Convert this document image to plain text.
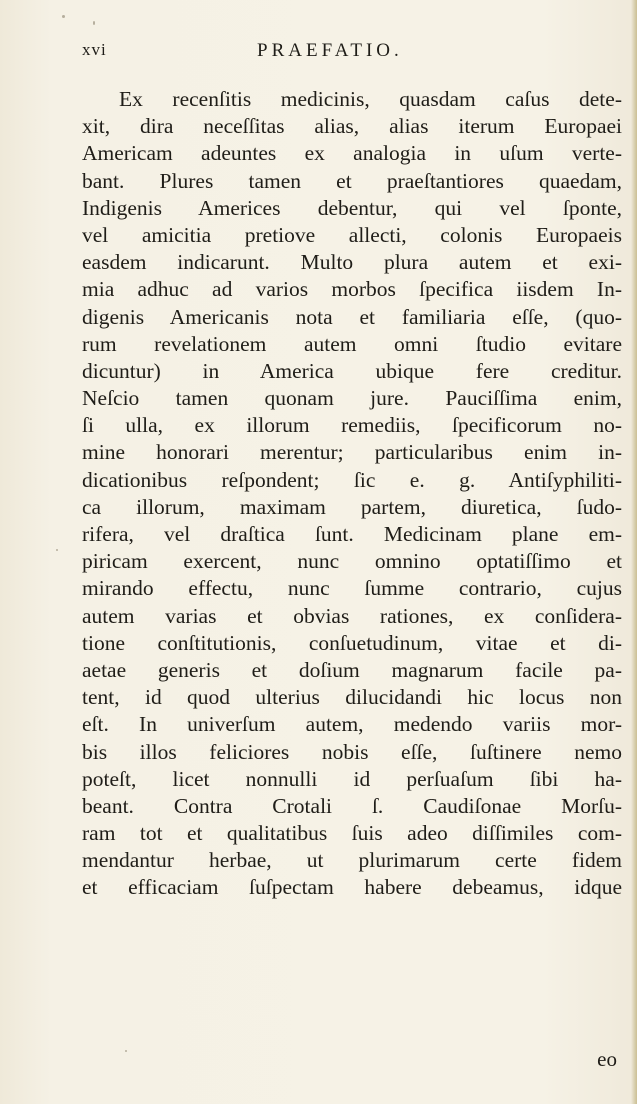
xvi	PRAEFATIO.
Ex recenſitis medicinis, quasdam caſus dete-
xit, dira neceſſitas alias, alias iterum Europaei
Americam adeuntes ex analogia in uſum verte-
bant. Plures tamen et praeſtantiores quaedam,
Indigenis Americes debentur, qui vel ſponte,
vel amicitia pretiove allecti, colonis Europaeis
easdem indicarunt. Multo plura autem et exi-
mia adhuc ad varios morbos ſpecifica iisdem In-
digenis Americanis nota et familiaria eſſe, (quo-
rum revelationem autem omni ſtudio evitare
dicuntur) in America ubique fere creditur.
Neſcio tamen quonam jure. Pauciſſima enim,
ſi ulla, ex illorum remediis, ſpecificorum no-
mine honorari merentur; particularibus enim in-
dicationibus reſpondent; ſic e. g. Antiſyphiliti-
ca illorum, maximam partem, diuretica, ſudo-
rifera, vel draſtica ſunt. Medicinam plane em-
piricam exercent, nunc omnino optatiſſimo et
mirando effectu, nunc ſumme contrario, cujus
autem varias et obvias rationes, ex conſidera-
tione conſtitutionis, conſuetudinum, vitae et di-
aetae generis et doſium magnarum facile pa-
tent, id quod ulterius dilucidandi hic locus non
eſt. In univerſum autem, medendo variis mor-
bis illos feliciores nobis eſſe, ſuſtinere nemo
poteſt, licet nonnulli id perſuaſum ſibi ha-
beant. Contra Crotali ſ. Caudiſonae Morſu-
ram tot et qualitatibus ſuis adeo diſſimiles com-
mendantur herbae, ut plurimarum certe fidem
et efficaciam ſuſpectam habere debeamus, idque
eo
